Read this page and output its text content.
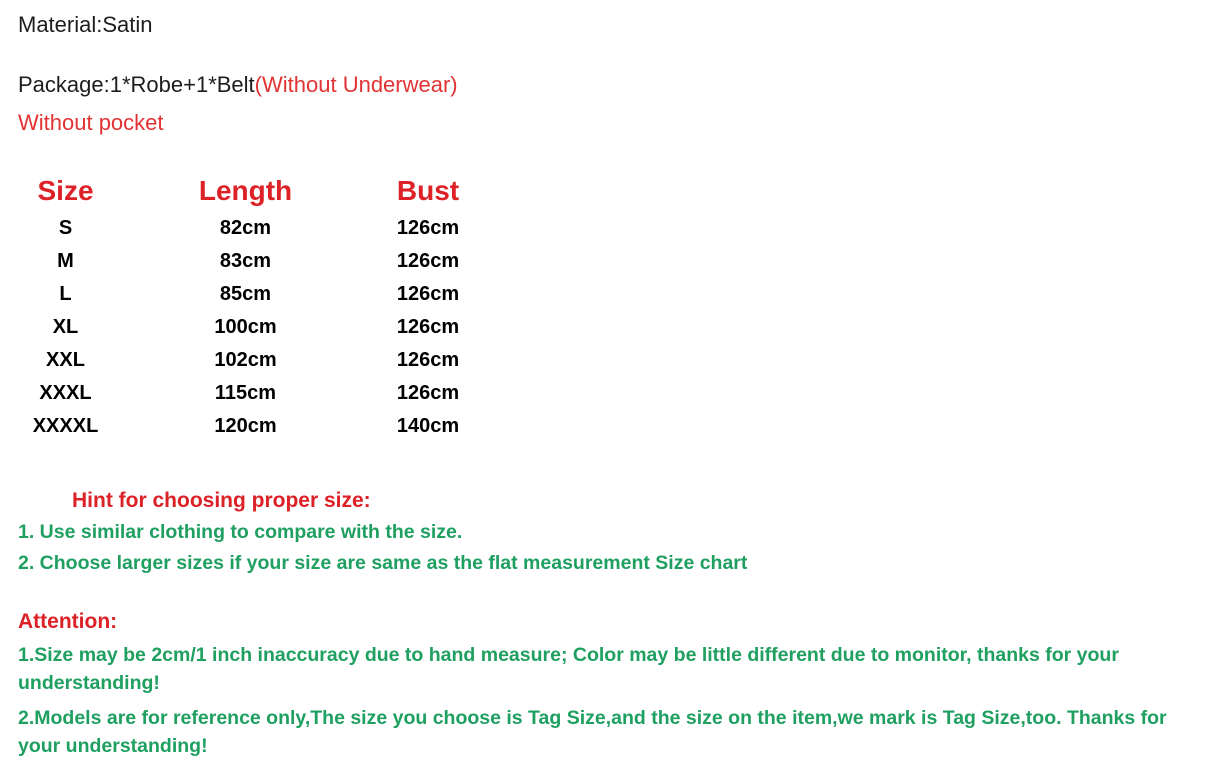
Material:Satin
Package:1*Robe+1*Belt(Without Underwear)
Without pocket
Size	Length	Bust
S	82cm	126cm
M	83cm	126cm
L	85cm	126cm
XL	100cm	126cm
XXL	102cm	126cm
XXXL	115cm	126cm
XXXXL	120cm	140cm
Hint for choosing proper size:
1. Use similar clothing to compare with the size.
2. Choose larger sizes if your size are same as the flat measurement Size chart
Attention:
1.Size may be 2cm/1 inch inaccuracy due to hand measure; Color may be little different due to monitor, thanks for your understanding!
2.Models are for reference only,The size you choose is Tag Size,and the size on the item,we mark is Tag Size,too. Thanks for your understanding!
